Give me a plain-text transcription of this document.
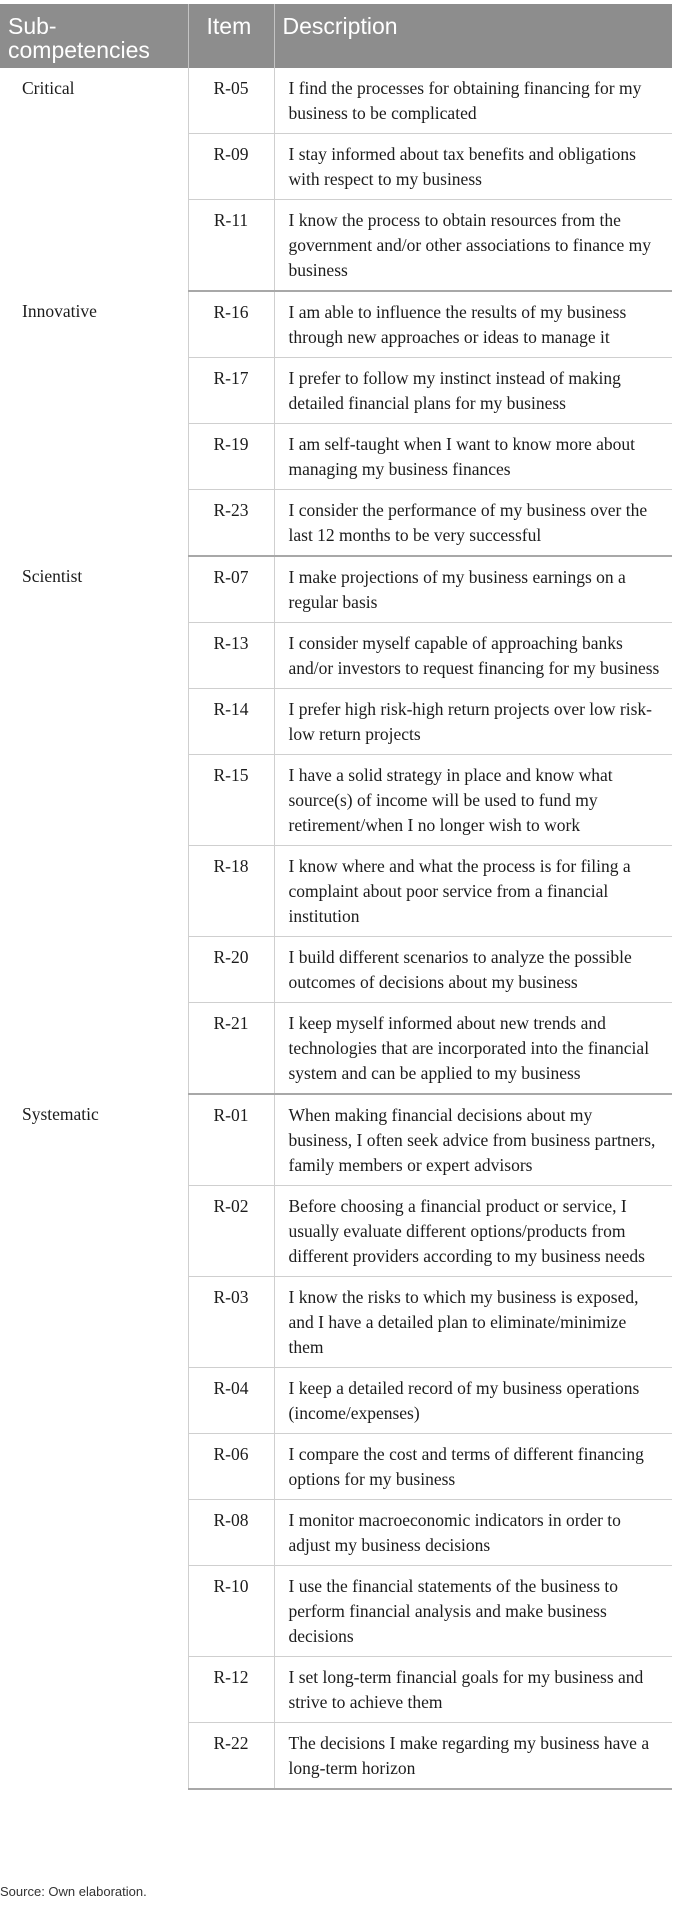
Sub-competencies	Item	Description
Critical	R-05	I find the processes for obtaining financing for my business to be complicated
	R-09	I stay informed about tax benefits and obligations with respect to my business
	R-11	I know the process to obtain resources from the government and/or other associations to finance my business
Innovative	R-16	I am able to influence the results of my business through new approaches or ideas to manage it
	R-17	I prefer to follow my instinct instead of making detailed financial plans for my business
	R-19	I am self-taught when I want to know more about managing my business finances
	R-23	I consider the performance of my business over the last 12 months to be very successful
Scientist	R-07	I make projections of my business earnings on a regular basis
	R-13	I consider myself capable of approaching banks and/or investors to request financing for my business
	R-14	I prefer high risk-high return projects over low risk-low return projects
	R-15	I have a solid strategy in place and know what source(s) of income will be used to fund my retirement/when I no longer wish to work
	R-18	I know where and what the process is for filing a complaint about poor service from a financial institution
	R-20	I build different scenarios to analyze the possible outcomes of decisions about my business
	R-21	I keep myself informed about new trends and technologies that are incorporated into the financial system and can be applied to my business
Systematic	R-01	When making financial decisions about my business, I often seek advice from business partners, family members or expert advisors
	R-02	Before choosing a financial product or service, I usually evaluate different options/products from different providers according to my business needs
	R-03	I know the risks to which my business is exposed, and I have a detailed plan to eliminate/minimize them
	R-04	I keep a detailed record of my business operations (income/expenses)
	R-06	I compare the cost and terms of different financing options for my business
	R-08	I monitor macroeconomic indicators in order to adjust my business decisions
	R-10	I use the financial statements of the business to perform financial analysis and make business decisions
	R-12	I set long-term financial goals for my business and strive to achieve them
	R-22	The decisions I make regarding my business have a long-term horizon
Source: Own elaboration.
